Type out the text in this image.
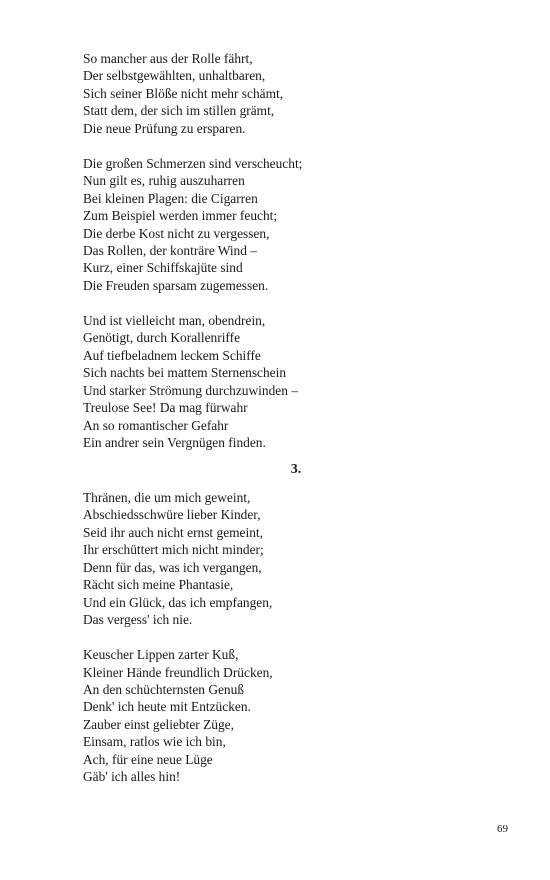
So mancher aus der Rolle fährt,
Der selbstgewählten, unhaltbaren,
Sich seiner Blöße nicht mehr schämt,
Statt dem, der sich im stillen grämt,
Die neue Prüfung zu ersparen.
Die großen Schmerzen sind verscheucht;
Nun gilt es, ruhig auszuharren
Bei kleinen Plagen: die Cigarren
Zum Beispiel werden immer feucht;
Die derbe Kost nicht zu vergessen,
Das Rollen, der konträre Wind –
Kurz, einer Schiffskajüte sind
Die Freuden sparsam zugemessen.
Und ist vielleicht man, obendrein,
Genötigt, durch Korallenriffe
Auf tiefbeladnem leckem Schiffe
Sich nachts bei mattem Sternenschein
Und starker Strömung durchzuwinden –
Treulose See! Da mag fürwahr
An so romantischer Gefahr
Ein andrer sein Vergnügen finden.
3.
Thränen, die um mich geweint,
Abschiedsschwüre lieber Kinder,
Seid ihr auch nicht ernst gemeint,
Ihr erschüttert mich nicht minder;
Denn für das, was ich vergangen,
Rächt sich meine Phantasie,
Und ein Glück, das ich empfangen,
Das vergess' ich nie.
Keuscher Lippen zarter Kuß,
Kleiner Hände freundlich Drücken,
An den schüchternsten Genuß
Denk' ich heute mit Entzücken.
Zauber einst geliebter Züge,
Einsam, ratlos wie ich bin,
Ach, für eine neue Lüge
Gäb' ich alles hin!
69
